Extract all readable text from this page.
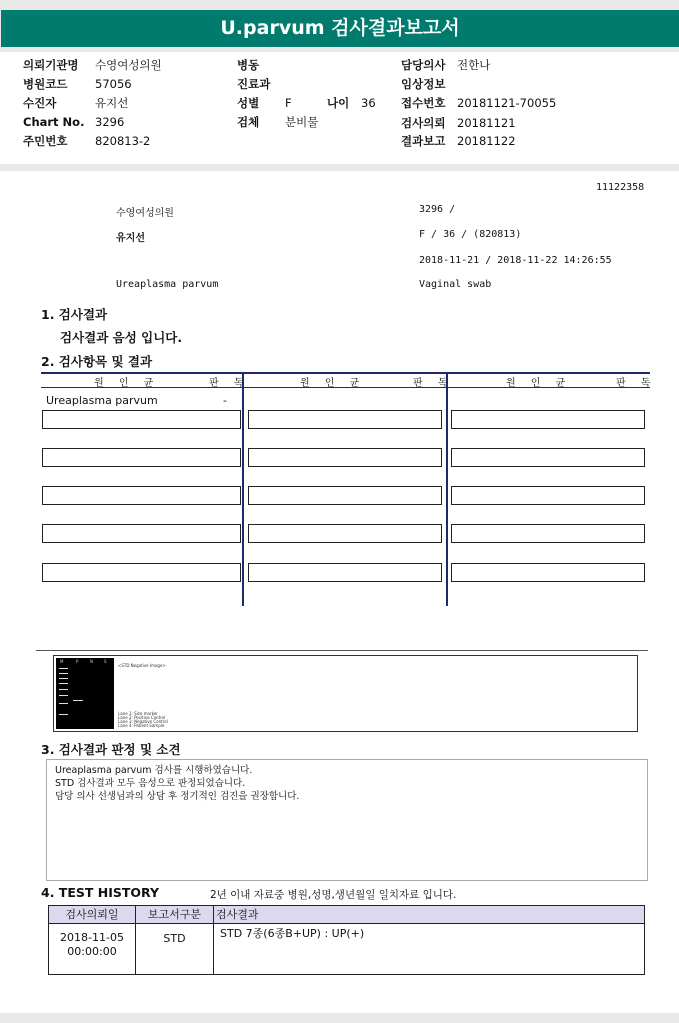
U.parvum 검사결과보고서
의뢰기관명 수영여성의원
병원코드 57056
수진자	유지선
Chart No. 3296
주민번호 820813-2
병동
진료과
성별 F	나이 36
검체 분비물
담당의사 전한나
임상정보
접수번호 20181121-70055
검사의뢰 20181121
결과보고 20181122
11122358
수영여성의원	3296 /
유지선	F / 36 / (820813)
2018-11-21 / 2018-11-22 14:26:55
Ureaplasma parvum	Vaginal swab
1. 검사결과
검사결과 음성 입니다.
2. 검사항목 및 결과
원 인 균	판 독	원 인 균	판 독	원 인 균	판 독
Ureaplasma parvum	-
M	P	N	S
<STD Negative Image>
Lane 1: Size marker
Lane 2: Positive Control
Lane 3: Negative Control
Lane 4: Patient Sample
3. 검사결과 판정 및 소견
Ureaplasma parvum 검사를 시행하였습니다.
STD 검사결과 모두 음성으로 판정되었습니다.
담당 의사 선생님과의 상담 후 정기적인 검진을 권장합니다.
4. TEST HISTORY	2년 이내 자료중 병원,성명,생년월일 일치자료 입니다.
검사의뢰일	보고서구분	검사결과
2018-11-05
00:00:00
STD	STD 7종(6종B+UP) : UP(+)
